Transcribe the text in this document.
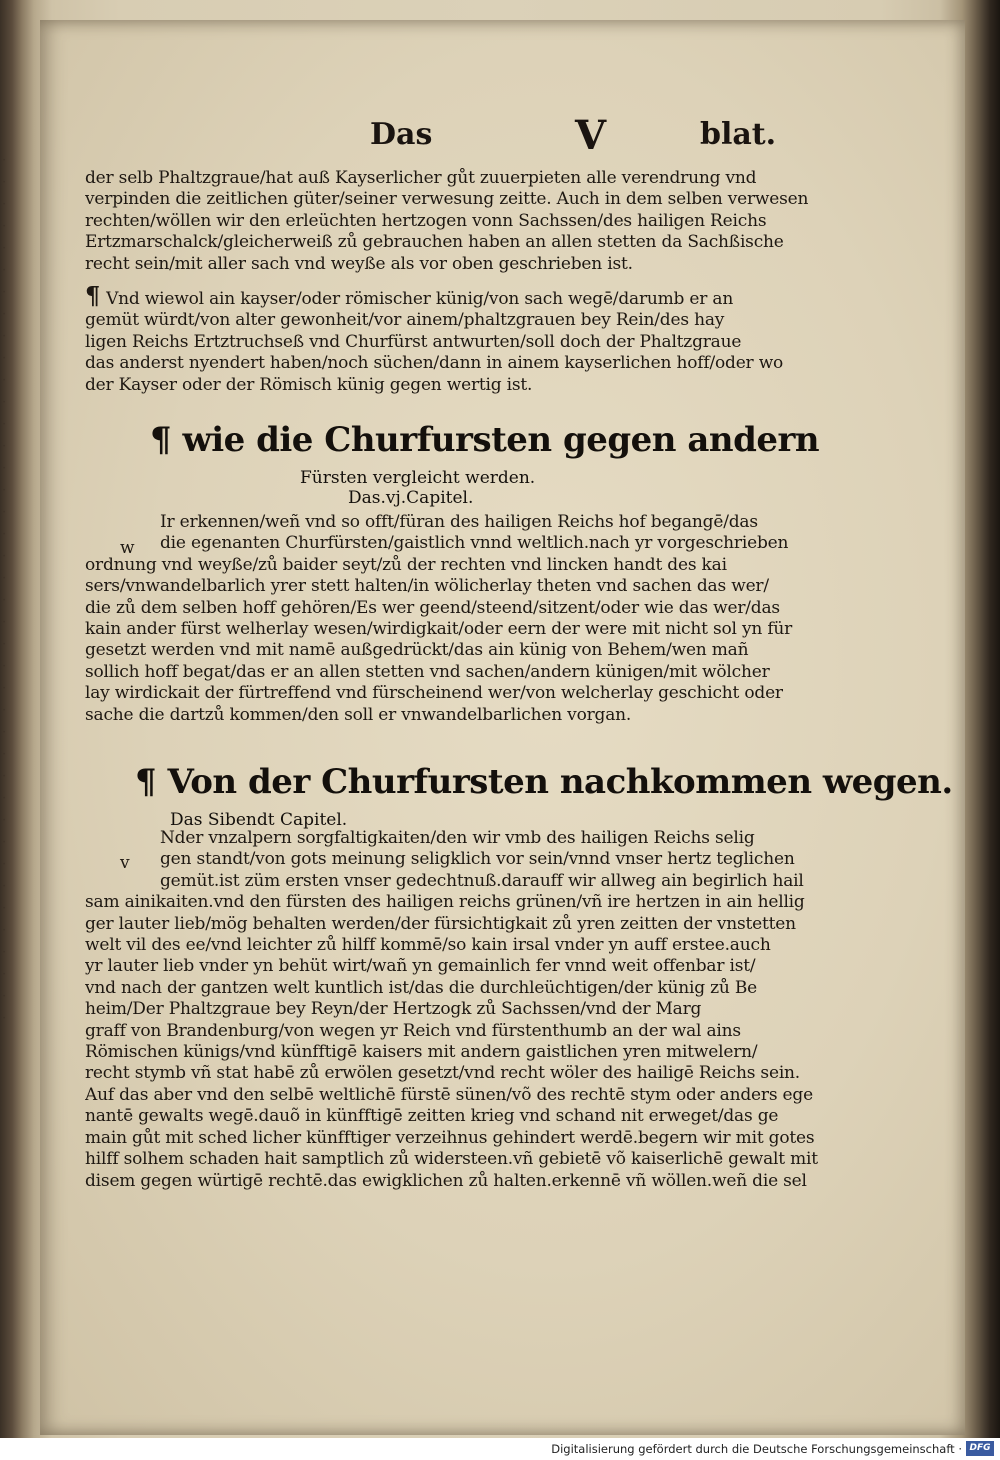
·
·
·
·
·
·
·
·
·
·
·
·
·
·
·
·
·
·
·
·
·
·
·
·
·
·
·
·
·
·
·
·
·
·
·
·
·
·
·
·
Das	V	blat.
der selb Phaltzgraue/hat auß Kayserlicher gůt zuuerpieten alle verendrung vnd
verpinden die zeitlichen güter/seiner verwesung zeitte. Auch in dem selben verwesen
rechten/wöllen wir den erleüchten hertzogen vonn Sachssen/des hailigen Reichs
Ertzmarschalck/gleicherweiß zů gebrauchen haben an allen stetten da Sachßische
recht sein/mit aller sach vnd weyße als vor oben geschrieben ist.
¶ Vnd wiewol ain kayser/oder römischer künig/von sach wegē/darumb er an
gemüt würdt/von alter gewonheit/vor ainem/phaltzgrauen bey Rein/des hay
ligen Reichs Ertztruchseß vnd Churfürst antwurten/soll doch der Phaltzgraue
das anderst nyendert haben/noch süchen/dann in ainem kayserlichen hoff/oder wo
der Kayser oder der Römisch künig gegen wertig ist.
¶ wie die Churfursten gegen andern
Fürsten vergleicht werden.
Das.vj.Capitel.
w
Ir erkennen/weñ vnd so offt/füran des hailigen Reichs hof begangē/das
die egenanten Churfürsten/gaistlich vnnd weltlich.nach yr vorgeschrieben
ordnung vnd weyße/zů baider seyt/zů der rechten vnd lincken handt des kai
sers/vnwandelbarlich yrer stett halten/in wölicherlay theten vnd sachen das wer/
die zů dem selben hoff gehören/Es wer geend/steend/sitzent/oder wie das wer/das
kain ander fürst welherlay wesen/wirdigkait/oder eern der were mit nicht sol yn für
gesetzt werden vnd mit namē außgedrückt/das ain künig von Behem/wen mañ
sollich hoff begat/das er an allen stetten vnd sachen/andern künigen/mit wölcher
lay wirdickait der fürtreffend vnd fürscheinend wer/von welcherlay geschicht oder
sache die dartzů kommen/den soll er vnwandelbarlichen vorgan.
¶ Von der Churfursten nachkommen wegen.
Das Sibendt Capitel.
v
Nder vnzalpern sorgfaltigkaiten/den wir vmb des hailigen Reichs selig
gen standt/von gots meinung seligklich vor sein/vnnd vnser hertz teglichen
gemüt.ist züm ersten vnser gedechtnuß.darauff wir allweg ain begirlich hail
sam ainikaiten.vnd den fürsten des hailigen reichs grünen/vñ ire hertzen in ain hellig
ger lauter lieb/mög behalten werden/der fürsichtigkait zů yren zeitten der vnstetten
welt vil des ee/vnd leichter zů hilff kommē/so kain irsal vnder yn auff erstee.auch
yr lauter lieb vnder yn behüt wirt/wañ yn gemainlich fer vnnd weit offenbar ist/
vnd nach der gantzen welt kuntlich ist/das die durchleüchtigen/der künig zů Be
heim/Der Phaltzgraue bey Reyn/der Hertzogk zů Sachssen/vnd der Marg
graff von Brandenburg/von wegen yr Reich vnd fürstenthumb an der wal ains
Römischen künigs/vnd künfftigē kaisers mit andern gaistlichen yren mitwelern/
recht stymb vñ stat habē zů erwölen gesetzt/vnd recht wöler des hailigē Reichs sein.
Auf das aber vnd den selbē weltlichē fürstē sünen/võ des rechtē stym oder anders ege
nantē gewalts wegē.dauõ in künfftigē zeitten krieg vnd schand nit erweget/das ge
main gůt mit sched licher künfftiger verzeihnus gehindert werdē.begern wir mit gotes
hilff solhem schaden hait samptlich zů widersteen.vñ gebietē võ kaiserlichē gewalt mit
disem gegen würtigē rechtē.das ewigklichen zů halten.erkennē vñ wöllen.weñ die sel
Digitalisierung gefördert durch die Deutsche Forschungsgemeinschaft · DFG
